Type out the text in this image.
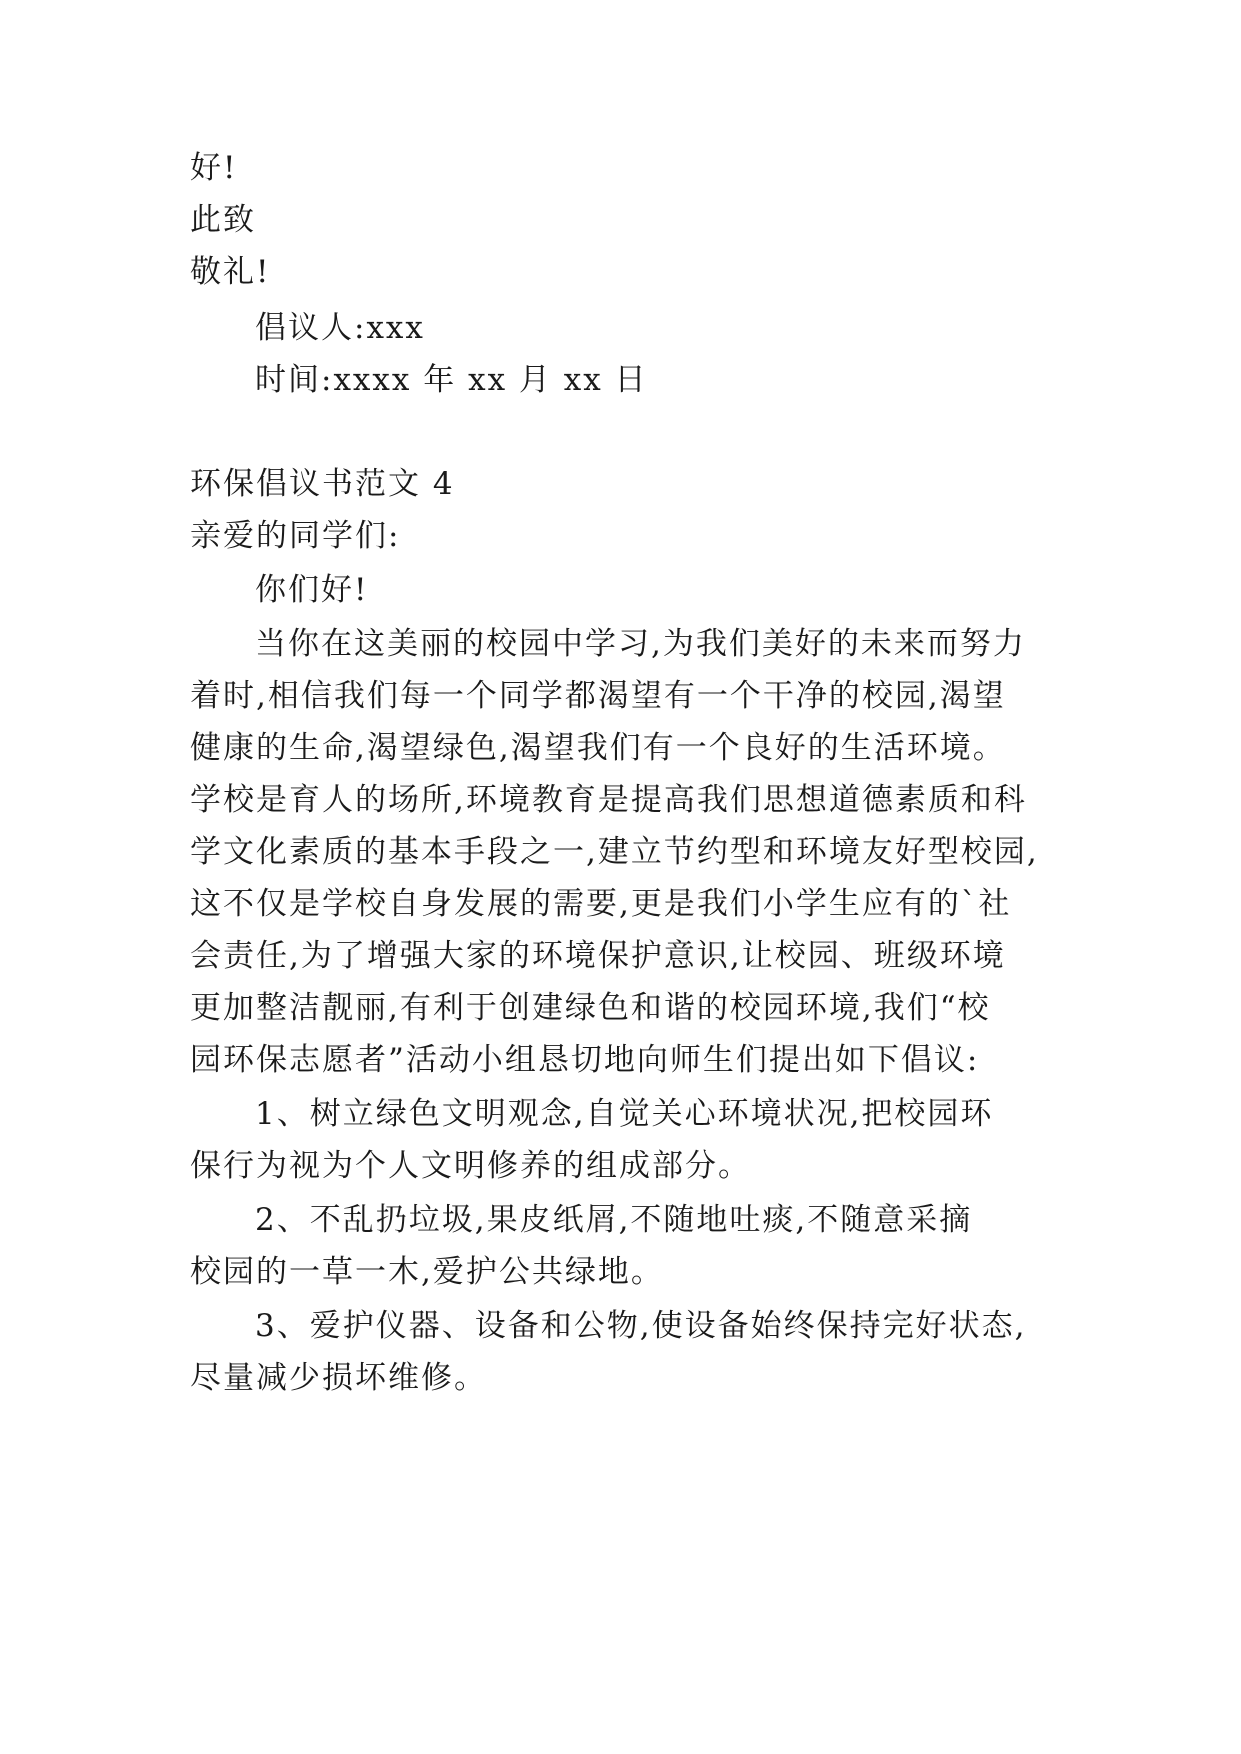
好!
此致
敬礼!
倡议人:xxx
时间:xxxx 年 xx 月 xx 日
环保倡议书范文 4
亲爱的同学们:
你们好!
当你在这美丽的校园中学习,为我们美好的未来而努力
着时,相信我们每一个同学都渴望有一个干净的校园,渴望
健康的生命,渴望绿色,渴望我们有一个良好的生活环境。
学校是育人的场所,环境教育是提高我们思想道德素质和科
学文化素质的基本手段之一,建立节约型和环境友好型校园,
这不仅是学校自身发展的需要,更是我们小学生应有的`社
会责任,为了增强大家的环境保护意识,让校园、班级环境
更加整洁靓丽,有利于创建绿色和谐的校园环境,我们“校
园环保志愿者”活动小组恳切地向师生们提出如下倡议:
1、树立绿色文明观念,自觉关心环境状况,把校园环
保行为视为个人文明修养的组成部分。
2、不乱扔垃圾,果皮纸屑,不随地吐痰,不随意采摘
校园的一草一木,爱护公共绿地。
3、爱护仪器、设备和公物,使设备始终保持完好状态,
尽量减少损坏维修。
